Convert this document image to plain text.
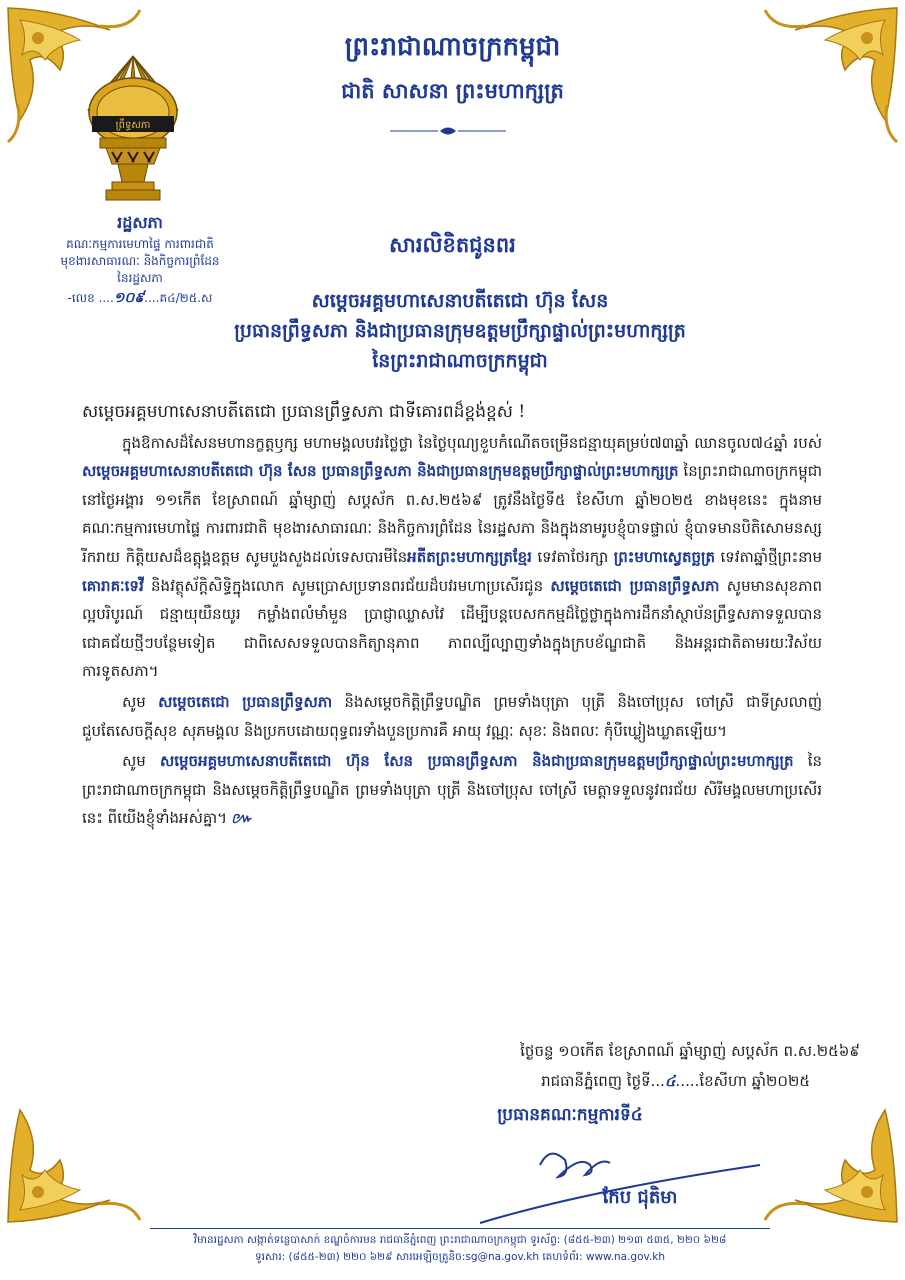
ព្រះរាជាណាចក្រកម្ពុជា
ជាតិ សាសនា ព្រះមហាក្សត្រ
ព្រឹទ្ធសភា
រដ្ឋសភា
គណៈកម្មការមេហាផ្ទៃ ការពារជាតិ
មុខងារសាធារណៈ និងកិច្ចការព្រំដែន
នៃរដ្ឋសភា
-លេខ ....១០៩....គ៤/២៥.ស
សារលិខិតជូនពរ
សម្តេចអគ្គមហាសេនាបតីតេជោ ហ៊ុន សែន
ប្រធានព្រឹទ្ធសភា និងជាប្រធានក្រុមឧត្តមប្រឹក្សាផ្ទាល់ព្រះមហាក្សត្រ
នៃព្រះរាជាណាចក្រកម្ពុជា

សម្តេចអគ្គមហាសេនាបតីតេជោ ប្រធានព្រឹទ្ធសភា ជាទីគោរពដ៏ខ្ពង់ខ្ពស់ !

ក្នុងឱកាសដ៏សែនមហានក្ខត្តឫក្ស មហាមង្គលបវរថ្លៃថ្លា នៃថ្ងៃបុណ្យខួបកំណើតចម្រើនជន្មាយុគម្រប់៧៣ឆ្នាំ ឈានចូល៧៤ឆ្នាំ របស់ សម្តេចអគ្គមហាសេនាបតីតេជោ ហ៊ុន សែន ប្រធានព្រឹទ្ធសភា និងជាប្រធានក្រុមឧត្តមប្រឹក្សាផ្ទាល់ព្រះមហាក្សត្រ នៃព្រះរាជាណាចក្រកម្ពុជា នៅថ្ងៃអង្គារ ១១កើត ខែស្រាពណ៍ ឆ្នាំម្សាញ់ សប្តស័ក ព.ស.២៥៦៩ ត្រូវនឹងថ្ងៃទី៥ ខែសីហា ឆ្នាំ២០២៥ ខាងមុខនេះ ក្នុងនាមគណៈកម្មការមេហាផ្ទៃ ការពារជាតិ មុខងារសាធារណៈ និងកិច្ចការព្រំដែន នៃរដ្ឋសភា និងក្នុងនាមរូបខ្ញុំបាទផ្ទាល់ ខ្ញុំបាទមានបិតិសោមនស្សរីករាយ កិត្តិយសដ៏ឧត្តុង្គឧត្តម សូមបួងសួងដល់ទេសបារមីនៃអតីតព្រះមហាក្សត្រខ្មែរ ទេវតាថែរក្សា ព្រះមហាស្វេតច្ឆត្រ ទេវតាឆ្នាំថ្មីព្រះនាម គោរាគៈទេវី និងវត្ថុស័ក្តិសិទ្ធិក្នុងលោក សូមប្រោសប្រទានពរជ័យដ៏បវរមហាប្រសើរជូន សម្តេចតេជោ ប្រធានព្រឹទ្ធសភា សូមមានសុខភាពល្អបរិបូរណ៍ ជន្មាយុយឺនយូរ កម្លាំងពលំមាំមួន ប្រាជ្ញាឈ្លាសវៃ ដើម្បីបន្តបេសកកម្មដ៏ថ្លៃថ្លាក្នុងការដឹកនាំស្ថាប័នព្រឹទ្ធសភាទទួលបានជោគជ័យថ្មីៗបន្ថែមទៀត ជាពិសេសទទួលបានកិត្យានុភាព ភាពល្បីល្បាញទាំងក្នុងក្របខ័ណ្ឌជាតិ និងអន្តរជាតិតាមរយៈវិស័យការទូតសភា។

សូម សម្តេចតេជោ ប្រធានព្រឹទ្ធសភា និងសម្តេចកិត្តិព្រឹទ្ធបណ្ឌិត ព្រមទាំងបុត្រា បុត្រី និងចៅប្រុស ចៅស្រី ជាទីស្រលាញ់ ជួបតែសេចក្តីសុខ សុភមង្គល និងប្រកបដោយពុទ្ធពរទាំងបួនប្រការគឺ អាយុ វណ្ណៈ សុខៈ និងពលៈ កុំបីឃ្លៀងឃ្លាតឡើយ។

សូម សម្តេចអគ្គមហាសេនាបតីតេជោ ហ៊ុន សែន ប្រធានព្រឹទ្ធសភា និងជាប្រធានក្រុមឧត្តមប្រឹក្សាផ្ទាល់ព្រះមហាក្សត្រ នៃព្រះរាជាណាចក្រកម្ពុជា និងសម្តេចកិត្តិព្រឹទ្ធបណ្ឌិត ព្រមទាំងបុត្រា បុត្រី និងចៅប្រុស ចៅស្រី មេត្តាទទួលនូវពរជ័យ សិរីមង្គលមហាប្រសើរនេះ ពីយើងខ្ញុំទាំងអស់គ្នា។ ៚

ថ្ងៃចន្ទ ១០កើត ខែស្រាពណ៍ ឆ្នាំម្សាញ់ សប្តស័ក ព.ស.២៥៦៩
រាជធានីភ្នំពេញ ថ្ងៃទី...៤.....ខែសីហា ឆ្នាំ២០២៥
ប្រធានគណៈកម្មការទី៤
កែប ជុតិមា
វិមានរដ្ឋសភា សង្កាត់ទន្លេបាសាក់ ខណ្ឌចំការមន រាជធានីភ្នំពេញ ព្រះរាជាណាចក្រកម្ពុជា ទូរស័ព្ទ: (៨៥៥-២៣) ២១៣ ៥៣៥, ២២០ ៦២៨
ទូរសារ: (៨៥៥-២៣) ២២០ ៦២៩ សារអេឡិចត្រូនិច:sg@na.gov.kh គេហទំព័រ: www.na.gov.kh
